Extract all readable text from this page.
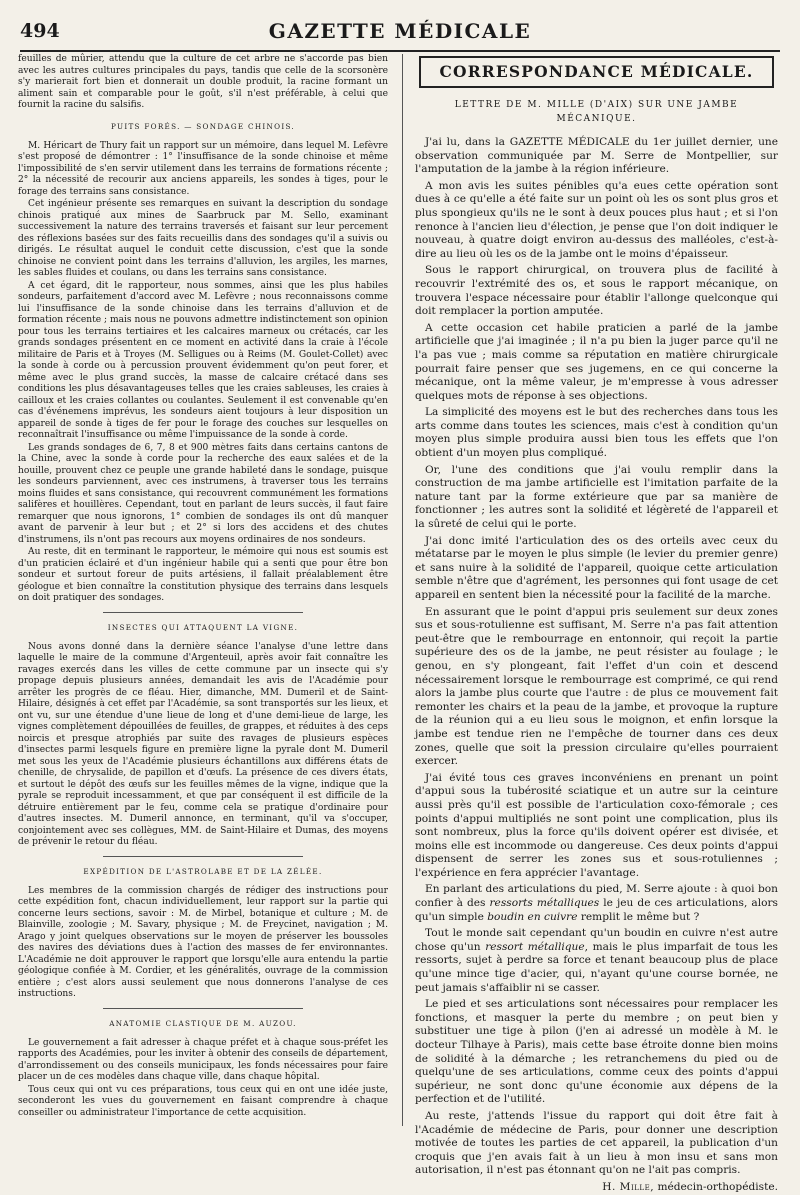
494	GAZETTE MÉDICALE

feuilles de mûrier, attendu que la culture de cet arbre ne s'accorde pas bien avec les autres cultures principales du pays, tandis que celle de la scorsonère s'y marierait fort bien et donnerait un double produit, la racine formant un aliment sain et comparable pour le goût, s'il n'est préférable, à celui que fournit la racine du salsifis.

PUITS FORÉS. — SONDAGE CHINOIS.

M. Héricart de Thury fait un rapport sur un mémoire, dans lequel M. Lefèvre s'est proposé de démontrer : 1° l'insuffisance de la sonde chinoise et même l'impossibilité de s'en servir utilement dans les terrains de formations récente ; 2° la nécessité de recourir aux anciens appareils, les sondes à tiges, pour le forage des terrains sans consistance.

Cet ingénieur présente ses remarques en suivant la description du sondage chinois pratiqué aux mines de Saarbruck par M. Sello, examinant successivement la nature des terrains traversés et faisant sur leur percement des réflexions basées sur des faits recueillis dans des sondages qu'il a suivis ou dirigés. Le résultat auquel le conduit cette discussion, c'est que la sonde chinoise ne convient point dans les terrains d'alluvion, les argiles, les marnes, les sables fluides et coulans, ou dans les terrains sans consistance.

A cet égard, dit le rapporteur, nous sommes, ainsi que les plus habiles sondeurs, parfaitement d'accord avec M. Lefèvre ; nous reconnaissons comme lui l'insuffisance de la sonde chinoise dans les terrains d'alluvion et de formation récente ; mais nous ne pouvons admettre indistinctement son opinion pour tous les terrains tertiaires et les calcaires marneux ou crétacés, car les grands sondages présentent en ce moment en activité dans la craie à l'école militaire de Paris et à Troyes (M. Selligues ou à Reims (M. Goulet-Collet) avec la sonde à corde ou à percussion prouvent évidemment qu'on peut forer, et même avec le plus grand succès, la masse de calcaire crétacé dans ses conditions les plus désavantageuses telles que les craies sableuses, les craies à cailloux et les craies collantes ou coulantes. Seulement il est convenable qu'en cas d'événemens imprévus, les sondeurs aient toujours à leur disposition un appareil de sonde à tiges de fer pour le forage des couches sur lesquelles on reconnaîtrait l'insuffisance ou même l'impuissance de la sonde à corde.

Les grands sondages de 6, 7, 8 et 900 mètres faits dans certains cantons de la Chine, avec la sonde à corde pour la recherche des eaux salées et de la houille, prouvent chez ce peuple une grande habileté dans le sondage, puisque les sondeurs parviennent, avec ces instrumens, à traverser tous les terrains moins fluides et sans consistance, qui recouvrent communément les formations salifères et houillères. Cependant, tout en parlant de leurs succès, il faut faire remarquer que nous ignorons, 1° combien de sondages ils ont dû manquer avant de parvenir à leur but ; et 2° si lors des accidens et des chutes d'instrumens, ils n'ont pas recours aux moyens ordinaires de nos sondeurs.

Au reste, dit en terminant le rapporteur, le mémoire qui nous est soumis est d'un praticien éclairé et d'un ingénieur habile qui a senti que pour être bon sondeur et surtout foreur de puits artésiens, il fallait préalablement être géologue et bien connaître la constitution physique des terrains dans lesquels on doit pratiquer des sondages.

INSECTES QUI ATTAQUENT LA VIGNE.

Nous avons donné dans la dernière séance l'analyse d'une lettre dans laquelle le maire de la commune d'Argenteuil, après avoir fait connaître les ravages exercés dans les villes de cette commune par un insecte qui s'y propage depuis plusieurs années, demandait les avis de l'Académie pour arrêter les progrès de ce fléau. Hier, dimanche, MM. Dumeril et de Saint-Hilaire, désignés à cet effet par l'Académie, sa sont transportés sur les lieux, et ont vu, sur une étendue d'une lieue de long et d'une demi-lieue de large, les vignes complètement dépouillées de feuilles, de grappes, et réduites à des ceps noircis et presque atrophiés par suite des ravages de plusieurs espèces d'insectes parmi lesquels figure en première ligne la pyrale dont M. Dumeril met sous les yeux de l'Académie plusieurs échantillons aux différens états de chenille, de chrysalide, de papillon et d'œufs. La présence de ces divers états, et surtout le dépôt des œufs sur les feuilles mêmes de la vigne, indique que la pyrale se reproduit incessamment, et que par conséquent il est difficile de la détruire entièrement par le feu, comme cela se pratique d'ordinaire pour d'autres insectes. M. Dumeril annonce, en terminant, qu'il va s'occuper, conjointement avec ses collègues, MM. de Saint-Hilaire et Dumas, des moyens de prévenir le retour du fléau.

EXPÉDITION DE L'ASTROLABE ET DE LA ZÉLÉE.

Les membres de la commission chargés de rédiger des instructions pour cette expédition font, chacun individuellement, leur rapport sur la partie qui concerne leurs sections, savoir : M. de Mirbel, botanique et culture ; M. de Blainville, zoologie ; M. Savary, physique ; M. de Freycinet, navigation ; M. Arago y joint quelques observations sur le moyen de préserver les boussoles des navires des déviations dues à l'action des masses de fer environnantes. L'Académie ne doit approuver le rapport que lorsqu'elle aura entendu la partie géologique confiée à M. Cordier, et les généralités, ouvrage de la commission entière ; c'est alors aussi seulement que nous donnerons l'analyse de ces instructions.

ANATOMIE CLASTIQUE DE M. AUZOU.

Le gouvernement a fait adresser à chaque préfet et à chaque sous-préfet les rapports des Académies, pour les inviter à obtenir des conseils de département, d'arrondissement ou des conseils municipaux, les fonds nécessaires pour faire placer un de ces modèles dans chaque ville, dans chaque hôpital.

Tous ceux qui ont vu ces préparations, tous ceux qui en ont une idée juste, seconderont les vues du gouvernement en faisant comprendre à chaque conseiller ou administrateur l'importance de cette acquisition.

CORRESPONDANCE MÉDICALE.
LETTRE DE M. MILLE (D'AIX) SUR UNE JAMBE MÉCANIQUE.

J'ai lu, dans la GAZETTE MÉDICALE du 1er juillet dernier, une observation communiquée par M. Serre de Montpellier, sur l'amputation de la jambe à la région inférieure.

A mon avis les suites pénibles qu'a eues cette opération sont dues à ce qu'elle a été faite sur un point où les os sont plus gros et plus spongieux qu'ils ne le sont à deux pouces plus haut ; et si l'on renonce à l'ancien lieu d'élection, je pense que l'on doit indiquer le nouveau, à quatre doigt environ au-dessus des malléoles, c'est-à-dire au lieu où les os de la jambe ont le moins d'épaisseur.

Sous le rapport chirurgical, on trouvera plus de facilité à recouvrir l'extrémité des os, et sous le rapport mécanique, on trouvera l'espace nécessaire pour établir l'allonge quelconque qui doit remplacer la portion amputée.

A cette occasion cet habile praticien a parlé de la jambe artificielle que j'ai imaginée ; il n'a pu bien la juger parce qu'il ne l'a pas vue ; mais comme sa réputation en matière chirurgicale pourrait faire penser que ses jugemens, en ce qui concerne la mécanique, ont la même valeur, je m'empresse à vous adresser quelques mots de réponse à ses objections.

La simplicité des moyens est le but des recherches dans tous les arts comme dans toutes les sciences, mais c'est à condition qu'un moyen plus simple produira aussi bien tous les effets que l'on obtient d'un moyen plus compliqué.

Or, l'une des conditions que j'ai voulu remplir dans la construction de ma jambe artificielle est l'imitation parfaite de la nature tant par la forme extérieure que par sa manière de fonctionner ; les autres sont la solidité et légèreté de l'appareil et la sûreté de celui qui le porte.

J'ai donc imité l'articulation des os des orteils avec ceux du métatarse par le moyen le plus simple (le levier du premier genre) et sans nuire à la solidité de l'appareil, quoique cette articulation semble n'être que d'agrément, les personnes qui font usage de cet appareil en sentent bien la nécessité pour la facilité de la marche.

En assurant que le point d'appui pris seulement sur deux zones sus et sous-rotulienne est suffisant, M. Serre n'a pas fait attention peut-être que le rembourrage en entonnoir, qui reçoit la partie supérieure des os de la jambe, ne peut résister au foulage ; le genou, en s'y plongeant, fait l'effet d'un coin et descend nécessairement lorsque le rembourrage est comprimé, ce qui rend alors la jambe plus courte que l'autre : de plus ce mouvement fait remonter les chairs et la peau de la jambe, et provoque la rupture de la réunion qui a eu lieu sous le moignon, et enfin lorsque la jambe est tendue rien ne l'empêche de tourner dans ces deux zones, quelle que soit la pression circulaire qu'elles pourraient exercer.

J'ai évité tous ces graves inconvéniens en prenant un point d'appui sous la tubérosité sciatique et un autre sur la ceinture aussi près qu'il est possible de l'articulation coxo-fémorale ; ces points d'appui multipliés ne sont point une complication, plus ils sont nombreux, plus la force qu'ils doivent opérer est divisée, et moins elle est incommode ou dangereuse. Ces deux points d'appui dispensent de serrer les zones sus et sous-rotuliennes ; l'expérience en fera apprécier l'avantage.

En parlant des articulations du pied, M. Serre ajoute : à quoi bon confier à des ressorts métalliques le jeu de ces articulations, alors qu'un simple boudin en cuivre remplit le même but ?

Tout le monde sait cependant qu'un boudin en cuivre n'est autre chose qu'un ressort métallique, mais le plus imparfait de tous les ressorts, sujet à perdre sa force et tenant beaucoup plus de place qu'une mince tige d'acier, qui, n'ayant qu'une course bornée, ne peut jamais s'affaiblir ni se casser.

Le pied et ses articulations sont nécessaires pour remplacer les fonctions, et masquer la perte du membre ; on peut bien y substituer une tige à pilon (j'en ai adressé un modèle à M. le docteur Tilhaye à Paris), mais cette base étroite donne bien moins de solidité à la démarche ; les retranchemens du pied ou de quelqu'une de ses articulations, comme ceux des points d'appui supérieur, ne sont donc qu'une économie aux dépens de la perfection et de l'utilité.

Au reste, j'attends l'issue du rapport qui doit être fait à l'Académie de médecine de Paris, pour donner une description motivée de toutes les parties de cet appareil, la publication d'un croquis que j'en avais fait à un lieu à mon insu et sans mon autorisation, il n'est pas étonnant qu'on ne l'ait pas compris.

H. Mille, médecin-orthopédiste.
